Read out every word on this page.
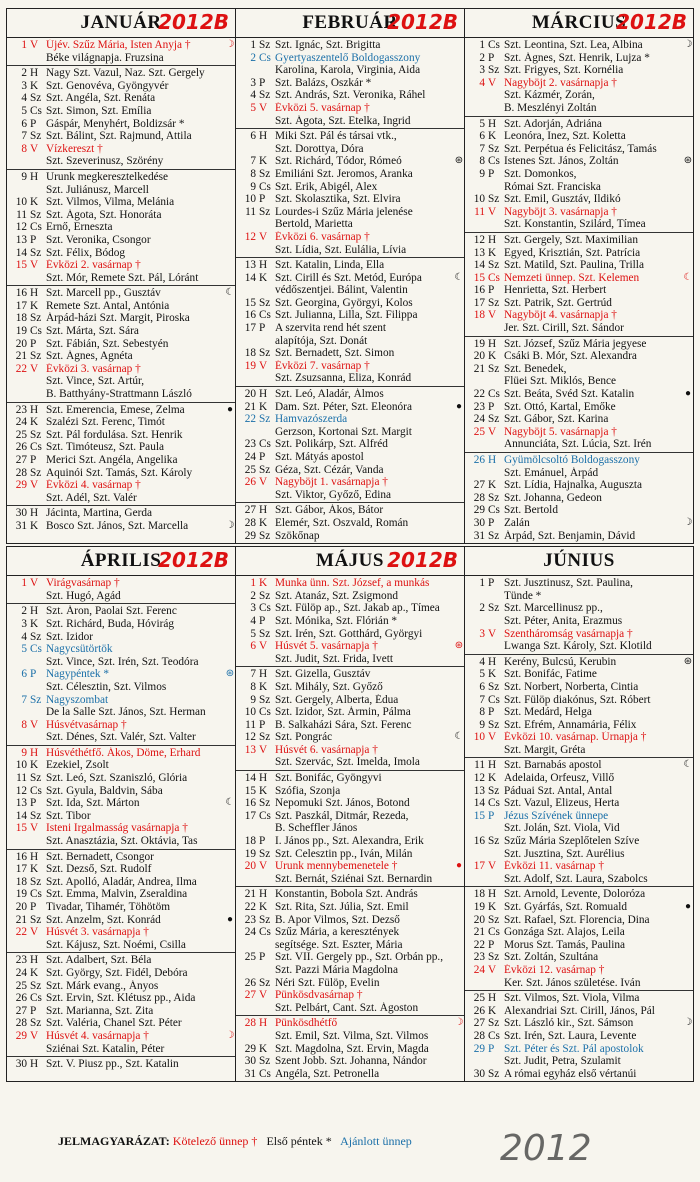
JANUÁR
2012B
1 V Újév. Szűz Mária, Isten Anyja †	☽
Béke világnapja. Fruzsina
2 H Nagy Szt. Vazul, Naz. Szt. Gergely
3 K Szt. Genovéva, Gyöngyvér
4 Sz Szt. Angéla, Szt. Renáta
5 Cs Szt. Simon, Szt. Emília
6 P Gáspár, Menyhért, Boldizsár *
7 Sz Szt. Bálint, Szt. Rajmund, Attila
8 V Vízkereszt †
Szt. Szeverinusz, Szörény
9 H Urunk megkeresztelkedése
Szt. Juliánusz, Marcell
10 K Szt. Vilmos, Vilma, Melánia
11 Sz Szt. Ágota, Szt. Honoráta
12 Cs Ernő, Ernesztа
13 P Szt. Veronika, Csongor
14 Sz Szt. Félix, Bódog
15 V Évközi 2. vasárnap †
Szt. Mór, Remete Szt. Pál, Lóránt
16 H Szt. Marcell pp., Gusztáv	☾
17 K Remete Szt. Antal, Antónia
18 Sz Árpád-házi Szt. Margit, Piroska
19 Cs Szt. Márta, Szt. Sára
20 P Szt. Fábián, Szt. Sebestyén
21 Sz Szt. Ágnes, Agnéta
22 V Évközi 3. vasárnap †
Szt. Vince, Szt. Artúr,
B. Batthyány-Strattmann László
23 H Szt. Emerencia, Emese, Zelma	●
24 K Szalézi Szt. Ferenc, Timót
25 Sz Szt. Pál fordulása. Szt. Henrik
26 Cs Szt. Timóteusz, Szt. Paula
27 P Merici Szt. Angéla, Angelika
28 Sz Aquinói Szt. Tamás, Szt. Károly
29 V Évközi 4. vasárnap †
Szt. Adél, Szt. Valér
30 H Jácinta, Martina, Gerda
31 K Bosco Szt. János, Szt. Marcella	☽
FEBRUÁR
2012B
1 Sz Szt. Ignác, Szt. Brigitta
2 Cs Gyertyaszentelő Boldogasszony
Karolina, Karola, Virginia, Aida
3 P Szt. Balázs, Oszkár *
4 Sz Szt. András, Szt. Veronika, Ráhel
5 V Évközi 5. vasárnap †
Szt. Ágota, Szt. Etelka, Ingrid
6 H Miki Szt. Pál és társai vtk.,
Szt. Dorottya, Dóra
7 K Szt. Richárd, Tódor, Rómeó	⊛
8 Sz Emiliáni Szt. Jeromos, Aranka
9 Cs Szt. Erik, Abigél, Alex
10 P Szt. Skolasztika, Szt. Elvira
11 Sz Lourdes-i Szűz Mária jelenése
Bertold, Marietta
12 V Évközi 6. vasárnap †
Szt. Lídia, Szt. Eulália, Lívia
13 H Szt. Katalin, Linda, Ella
14 K Szt. Cirill és Szt. Metód, Európa	☾
védőszentjei. Bálint, Valentin
15 Sz Szt. Georgina, Györgyi, Kolos
16 Cs Szt. Julianna, Lilla, Szt. Filippa
17 P A szervita rend hét szent
alapítója, Szt. Donát
18 Sz Szt. Bernadett, Szt. Simon
19 V Évközi 7. vasárnap †
Szt. Zsuzsanna, Eliza, Konrád
20 H Szt. Leó, Aladár, Álmos
21 K Dam. Szt. Péter, Szt. Eleonóra	●
22 Sz Hamvazószerda
Gerzson, Kortonai Szt. Margit
23 Cs Szt. Polikárp, Szt. Alfréd
24 P Szt. Mátyás apostol
25 Sz Géza, Szt. Cézár, Vanda
26 V Nagyböjt 1. vasárnapja †
Szt. Viktor, Győző, Edina
27 H Szt. Gábor, Ákos, Bátor
28 K Elemér, Szt. Oszvald, Román
29 Sz Szökőnap
MÁRCIUS
2012B
1 Cs Szt. Leontina, Szt. Lea, Albina	☽
2 P Szt. Ágnes, Szt. Henrik, Lujza *
3 Sz Szt. Frigyes, Szt. Kornélia
4 V Nagyböjt 2. vasárnapja †
Szt. Kázmér, Zorán,
B. Meszlényi Zoltán
5 H Szt. Adorján, Adriána
6 K Leonóra, Inez, Szt. Koletta
7 Sz Szt. Perpétua és Felicitász, Tamás
8 Cs Istenes Szt. János, Zoltán	⊛
9 P Szt. Domonkos,
Római Szt. Franciska
10 Sz Szt. Emil, Gusztáv, Ildikó
11 V Nagyböjt 3. vasárnapja †
Szt. Konstantin, Szilárd, Tímea
12 H Szt. Gergely, Szt. Maximilian
13 K Egyed, Krisztián, Szt. Patrícia
14 Sz Szt. Matild, Szt. Paulina, Trilla
15 Cs Nemzeti ünnep. Szt. Kelemen	☾
16 P Henrietta, Szt. Herbert
17 Sz Szt. Patrik, Szt. Gertrúd
18 V Nagyböjt 4. vasárnapja †
Jer. Szt. Cirill, Szt. Sándor
19 H Szt. József, Szűz Mária jegyese
20 K Csáki B. Mór, Szt. Alexandra
21 Sz Szt. Benedek,
Flüei Szt. Miklós, Bence
22 Cs Szt. Beáta, Svéd Szt. Katalin	●
23 P Szt. Ottó, Kartal, Emőke
24 Sz Szt. Gábor, Szt. Karina
25 V Nagyböjt 5. vasárnapja †
Annunciáta, Szt. Lúcia, Szt. Irén
26 H Gyümölcsoltó Boldogasszony
Szt. Emánuel, Árpád
27 K Szt. Lídia, Hajnalka, Auguszta
28 Sz Szt. Johanna, Gedeon
29 Cs Szt. Bertold
30 P Zalán	☽
31 Sz Árpád, Szt. Benjamin, Dávid
ÁPRILIS
2012B
1 V Virágvasárnap †
Szt. Hugó, Agád
2 H Szt. Áron, Paolai Szt. Ferenc
3 K Szt. Richárd, Buda, Hóvirág
4 Sz Szt. Izidor
5 Cs Nagycsütörtök
Szt. Vince, Szt. Irén, Szt. Teodóra
6 P Nagypéntek *	⊛
Szt. Célesztin, Szt. Vilmos
7 Sz Nagyszombat
De la Salle Szt. János, Szt. Herman
8 V Húsvétvasárnap †
Szt. Dénes, Szt. Valér, Szt. Valter
9 H Húsvéthétfő. Ákos, Döme, Erhard
10 K Ezekiel, Zsolt
11 Sz Szt. Leó, Szt. Szaniszló, Glória
12 Cs Szt. Gyula, Baldvin, Sába
13 P Szt. Ida, Szt. Márton	☾
14 Sz Szt. Tibor
15 V Isteni Irgalmasság vasárnapja †
Szt. Anasztázia, Szt. Oktávia, Tas
16 H Szt. Bernadett, Csongor
17 K Szt. Dezső, Szt. Rudolf
18 Sz Szt. Apolló, Aladár, Andrea, Ilma
19 Cs Szt. Emma, Malvin, Zseraldina
20 P Tivadar, Tihamér, Töhötöm
21 Sz Szt. Anzelm, Szt. Konrád	●
22 V Húsvét 3. vasárnapja †
Szt. Kájusz, Szt. Noémi, Csilla
23 H Szt. Adalbert, Szt. Béla
24 K Szt. György, Szt. Fidél, Debóra
25 Sz Szt. Márk evang., Ányos
26 Cs Szt. Ervin, Szt. Klétusz pp., Aida
27 P Szt. Marianna, Szt. Zita
28 Sz Szt. Valéria, Chanel Szt. Péter
29 V Húsvét 4. vasárnapja †	☽
Sziénai Szt. Katalin, Péter
30 H Szt. V. Piusz pp., Szt. Katalin
MÁJUS 2012B
1 K Munka ünn. Szt. József, a munkás
2 Sz Szt. Atanáz, Szt. Zsigmond
3 Cs Szt. Fülöp ap., Szt. Jakab ap., Tímea
4 P Szt. Mónika, Szt. Flórián *
5 Sz Szt. Irén, Szt. Gotthárd, Györgyi
6 V Húsvét 5. vasárnapja †	⊛
Szt. Judit, Szt. Frida, Ivett
7 H Szt. Gizella, Gusztáv
8 K Szt. Mihály, Szt. Győző
9 Sz Szt. Gergely, Alberta, Édua
10 Cs Szt. Izidor, Szt. Ármin, Pálma
11 P B. Salkaházi Sára, Szt. Ferenc
12 Sz Szt. Pongrác	☾
13 V Húsvét 6. vasárnapja †
Szt. Szervác, Szt. Imelda, Imola
14 H Szt. Bonifác, Gyöngyvi
15 K Szófia, Szonja
16 Sz Nepomuki Szt. János, Botond
17 Cs Szt. Paszkál, Ditmár, Rezeda,
B. Scheffler János
18 P I. János pp., Szt. Alexandra, Erik
19 Sz Szt. Celesztin pp., Iván, Milán
20 V Urunk mennybemenetele †	●
Szt. Bernát, Sziénai Szt. Bernardin
21 H Konstantin, Bobola Szt. András
22 K Szt. Rita, Szt. Júlia, Szt. Emil
23 Sz B. Apor Vilmos, Szt. Dezső
24 Cs Szűz Mária, a keresztények
segítsége. Szt. Eszter, Mária
25 P Szt. VII. Gergely pp., Szt. Orbán pp.,
Szt. Pazzi Mária Magdolna
26 Sz Néri Szt. Fülöp, Evelin
27 V Pünkösdvasárnap †
Szt. Pelbárt, Cant. Szt. Ágoston
28 H Pünkösdhétfő	☽
Szt. Emil, Szt. Vilma, Szt. Vilmos
29 K Szt. Magdolna, Szt. Ervin, Magda
30 Sz Szent Jobb. Szt. Johanna, Nándor
31 Cs Angéla, Szt. Petronella
JÚNIUS
1 P Szt. Jusztinusz, Szt. Paulina,
Tünde *
2 Sz Szt. Marcellinusz pp.,
Szt. Péter, Anita, Erazmus
3 V Szentháromság vasárnapja †
Lwanga Szt. Károly, Szt. Klotild
4 H Kerény, Bulcsú, Kerubin	⊛
5 K Szt. Bonifác, Fatime
6 Sz Szt. Norbert, Norberta, Cintia
7 Cs Szt. Fülöp diakónus, Szt. Róbert
8 P Szt. Medárd, Helga
9 Sz Szt. Efrém, Annamária, Félix
10 V Évközi 10. vasárnap. Úrnapja †
Szt. Margit, Gréta
11 H Szt. Barnabás apostol	☾
12 K Adelaida, Orfeusz, Villő
13 Sz Páduai Szt. Antal, Antal
14 Cs Szt. Vazul, Elizeus, Herta
15 P Jézus Szívének ünnepe
Szt. Jolán, Szt. Viola, Vid
16 Sz Szűz Mária Szeplőtelen Szíve
Szt. Jusztina, Szt. Aurélius
17 V Évközi 11. vasárnap †
Szt. Adolf, Szt. Laura, Szabolcs
18 H Szt. Arnold, Levente, Doloróza
19 K Szt. Gyárfás, Szt. Romuald	●
20 Sz Szt. Rafael, Szt. Florencia, Dina
21 Cs Gonzága Szt. Alajos, Leila
22 P Morus Szt. Tamás, Paulina
23 Sz Szt. Zoltán, Szultána
24 V Évközi 12. vasárnap †
Ker. Szt. János születése. Iván
25 H Szt. Vilmos, Szt. Viola, Vilma
26 K Alexandriai Szt. Cirill, János, Pál
27 Sz Szt. László kir., Szt. Sámson	☽
28 Cs Szt. Irén, Szt. Laura, Levente
29 P Szt. Péter és Szt. Pál apostolok
Szt. Judit, Petra, Szulamit
30 Sz A római egyház első vértanúi
JELMAGYARÁZAT: Kötelező ünnep † Első péntek * Ajánlott ünnep 2012
